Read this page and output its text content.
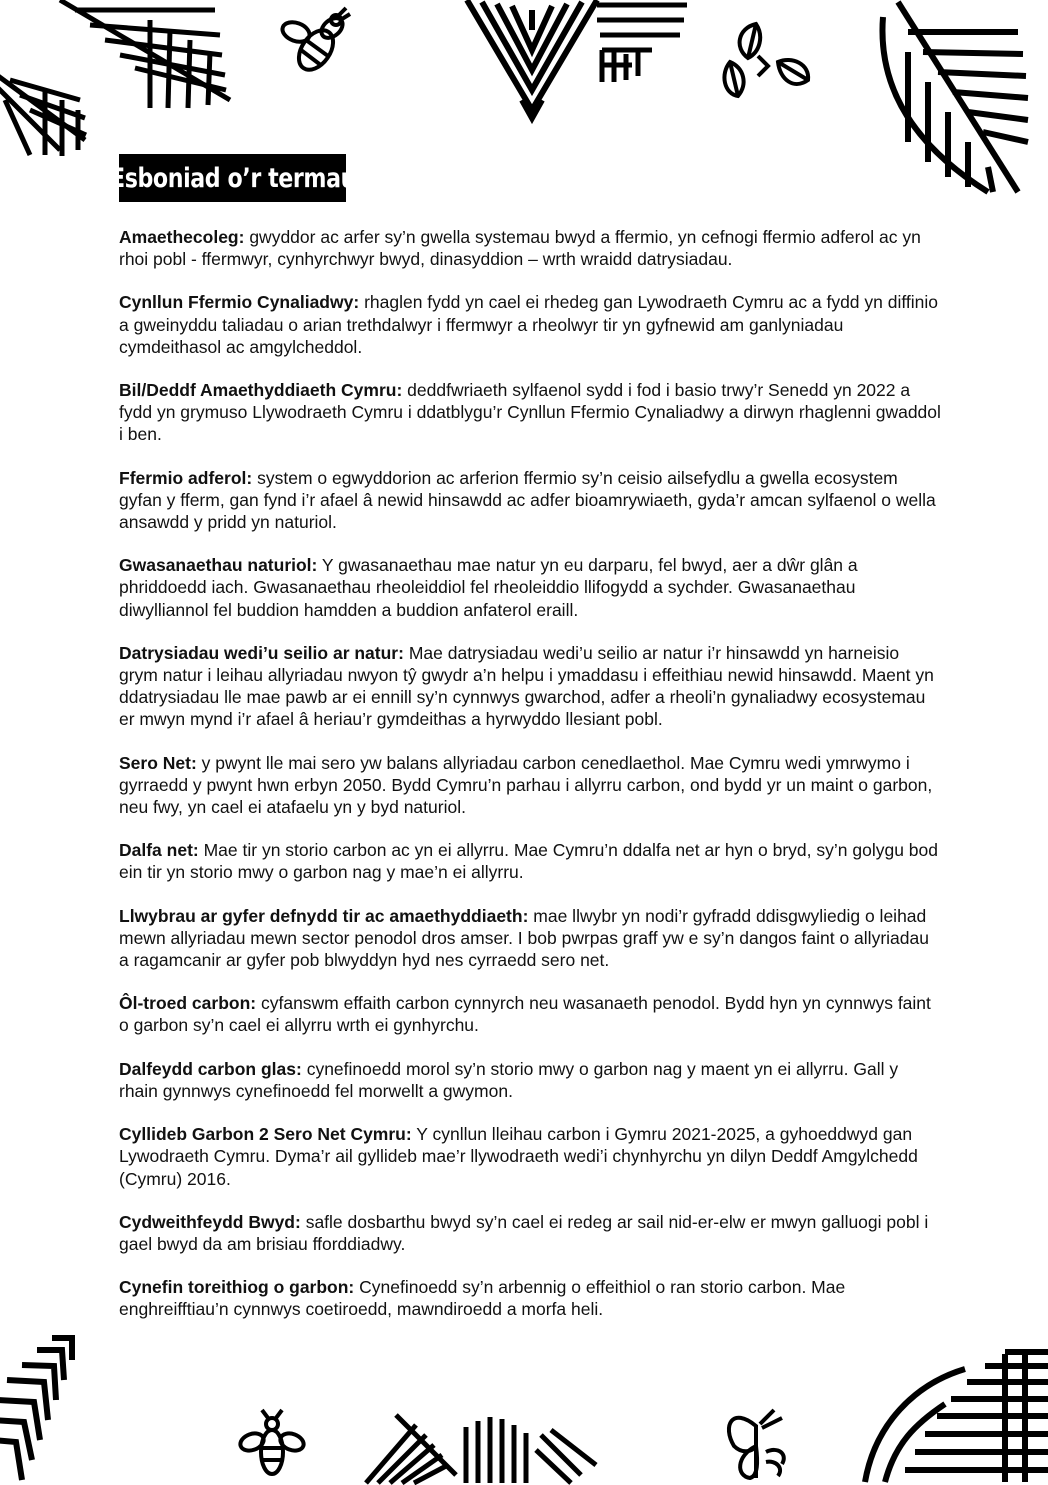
Esboniad o’r termau

Amaethecoleg: gwyddor ac arfer sy’n gwella systemau bwyd a ffermio, yn cefnogi ffermio adferol ac yn rhoi pobl - ffermwyr, cynhyrchwyr bwyd, dinasyddion – wrth wraidd datrysiadau.

Cynllun Ffermio Cynaliadwy: rhaglen fydd yn cael ei rhedeg gan Lywodraeth Cymru ac a fydd yn diffinio a gweinyddu taliadau o arian trethdalwyr i ffermwyr a rheolwyr tir yn gyfnewid am ganlyniadau cymdeithasol ac amgylcheddol.

Bil/Deddf Amaethyddiaeth Cymru: deddfwriaeth sylfaenol sydd i fod i basio trwy’r Senedd yn 2022 a fydd yn grymuso Llywodraeth Cymru i ddatblygu’r Cynllun Ffermio Cynaliadwy a dirwyn rhaglenni gwaddol i ben.

Ffermio adferol: system o egwyddorion ac arferion ffermio sy’n ceisio ailsefydlu a gwella ecosystem gyfan y fferm, gan fynd i’r afael â newid hinsawdd ac adfer bioamrywiaeth, gyda’r amcan sylfaenol o wella ansawdd y pridd yn naturiol.

Gwasanaethau naturiol: Y gwasanaethau mae natur yn eu darparu, fel bwyd, aer a dŵr glân a phriddoedd iach. Gwasanaethau rheoleiddiol fel rheoleiddio llifogydd a sychder. Gwasanaethau diwylliannol fel buddion hamdden a buddion anfaterol eraill.

Datrysiadau wedi’u seilio ar natur: Mae datrysiadau wedi’u seilio ar natur i’r hinsawdd yn harneisio grym natur i leihau allyriadau nwyon tŷ gwydr a’n helpu i ymaddasu i effeithiau newid hinsawdd. Maent yn ddatrysiadau lle mae pawb ar ei ennill sy’n cynnwys gwarchod, adfer a rheoli’n gynaliadwy ecosystemau er mwyn mynd i’r afael â heriau’r gymdeithas a hyrwyddo llesiant pobl.

Sero Net: y pwynt lle mai sero yw balans allyriadau carbon cenedlaethol. Mae Cymru wedi ymrwymo i gyrraedd y pwynt hwn erbyn 2050. Bydd Cymru’n parhau i allyrru carbon, ond bydd yr un maint o garbon, neu fwy, yn cael ei atafaelu yn y byd naturiol.

Dalfa net: Mae tir yn storio carbon ac yn ei allyrru. Mae Cymru’n ddalfa net ar hyn o bryd, sy’n golygu bod ein tir yn storio mwy o garbon nag y mae’n ei allyrru.

Llwybrau ar gyfer defnydd tir ac amaethyddiaeth: mae llwybr yn nodi’r gyfradd ddisgwyliedig o leihad mewn allyriadau mewn sector penodol dros amser. I bob pwrpas graff yw e sy’n dangos faint o allyriadau a ragamcanir ar gyfer pob blwyddyn hyd nes cyrraedd sero net.

Ôl-troed carbon: cyfanswm effaith carbon cynnyrch neu wasanaeth penodol. Bydd hyn yn cynnwys faint o garbon sy’n cael ei allyrru wrth ei gynhyrchu.

Dalfeydd carbon glas: cynefinoedd morol sy’n storio mwy o garbon nag y maent yn ei allyrru. Gall y rhain gynnwys cynefinoedd fel morwellt a gwymon.

Cyllideb Garbon 2 Sero Net Cymru: Y cynllun lleihau carbon i Gymru 2021-2025, a gyhoeddwyd gan Lywodraeth Cymru. Dyma’r ail gyllideb mae’r llywodraeth wedi’i chynhyrchu yn dilyn Deddf Amgylchedd (Cymru) 2016.

Cydweithfeydd Bwyd: safle dosbarthu bwyd sy’n cael ei redeg ar sail nid-er-elw er mwyn galluogi pobl i gael bwyd da am brisiau fforddiadwy.

Cynefin toreithiog o garbon: Cynefinoedd sy’n arbennig o effeithiol o ran storio carbon. Mae enghreifftiau’n cynnwys coetiroedd, mawndiroedd a morfa heli.
